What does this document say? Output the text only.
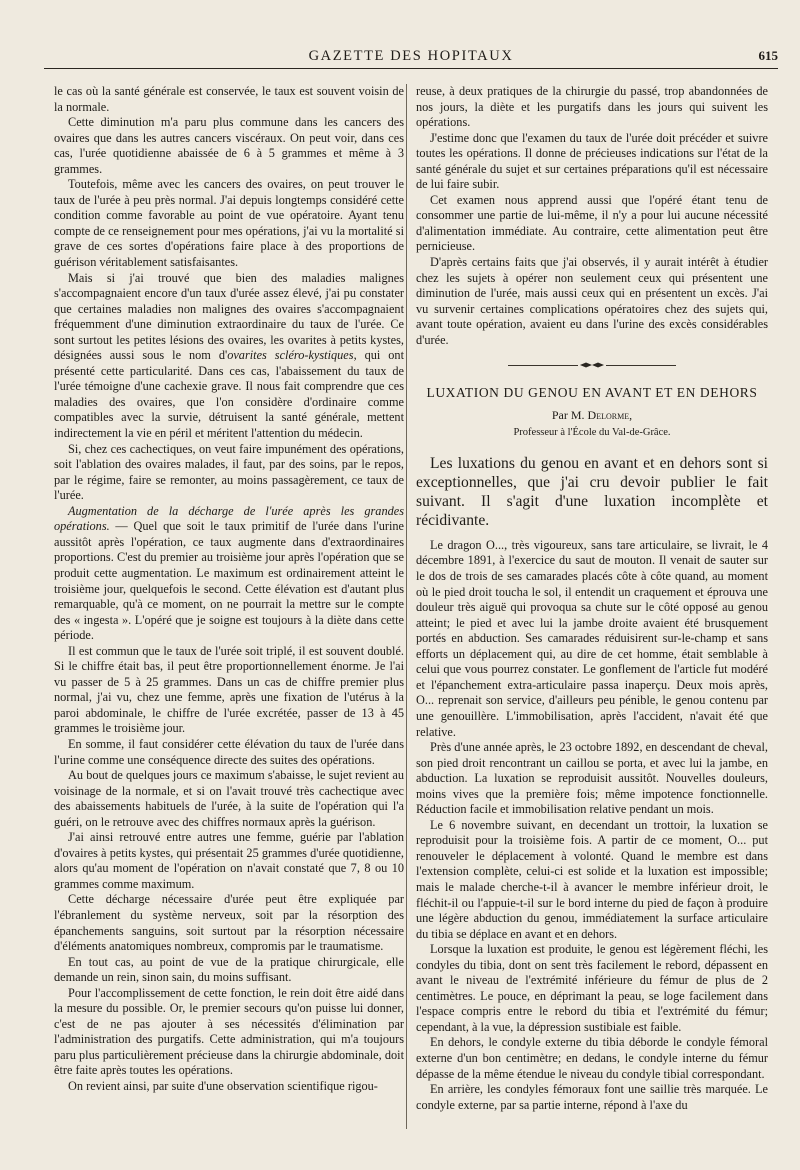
GAZETTE DES HOPITAUX	615

le cas où la santé générale est conservée, le taux est souvent voisin de la normale.

Cette diminution m'a paru plus commune dans les cancers des ovaires que dans les autres cancers viscéraux. On peut voir, dans ces cas, l'urée quotidienne abaissée de 6 à 5 grammes et même à 3 grammes.

Toutefois, même avec les cancers des ovaires, on peut trouver le taux de l'urée à peu près normal. J'ai depuis longtemps considéré cette condition comme favorable au point de vue opératoire. Ayant tenu compte de ce renseignement pour mes opérations, j'ai vu la mortalité si grave de ces sortes d'opérations faire place à des proportions de guérison véritablement satisfaisantes.

Mais si j'ai trouvé que bien des maladies malignes s'accompagnaient encore d'un taux d'urée assez élevé, j'ai pu constater que certaines maladies non malignes des ovaires s'accompagnaient fréquemment d'une diminution extraordinaire du taux de l'urée. Ce sont surtout les petites lésions des ovaires, les ovarites à petits kystes, désignées aussi sous le nom d'ovarites scléro-kystiques, qui ont présenté cette particularité. Dans ces cas, l'abaissement du taux de l'urée témoigne d'une cachexie grave. Il nous fait comprendre que ces maladies des ovaires, que l'on considère d'ordinaire comme compatibles avec la survie, détruisent la santé générale, mettent indirectement la vie en péril et méritent l'attention du médecin.

Si, chez ces cachectiques, on veut faire impunément des opérations, soit l'ablation des ovaires malades, il faut, par des soins, par le repos, par le régime, faire se remonter, au moins passagèrement, ce taux de l'urée.

Augmentation de la décharge de l'urée après les grandes opérations. — Quel que soit le taux primitif de l'urée dans l'urine aussitôt après l'opération, ce taux augmente dans d'extraordinaires proportions. C'est du premier au troisième jour après l'opération que se produit cette augmentation. Le maximum est ordinairement atteint le troisième jour, quelquefois le second. Cette élévation est d'autant plus remarquable, qu'à ce moment, on ne pourrait la mettre sur le compte des « ingesta ». L'opéré que je soigne est toujours à la diète dans cette période.

Il est commun que le taux de l'urée soit triplé, il est souvent doublé. Si le chiffre était bas, il peut être proportionnellement énorme. Je l'ai vu passer de 5 à 25 grammes. Dans un cas de chiffre premier plus normal, j'ai vu, chez une femme, après une fixation de l'utérus à la paroi abdominale, le chiffre de l'urée excrétée, passer de 13 à 45 grammes le troisième jour.

En somme, il faut considérer cette élévation du taux de l'urée dans l'urine comme une conséquence directe des suites des opérations.

Au bout de quelques jours ce maximum s'abaisse, le sujet revient au voisinage de la normale, et si on l'avait trouvé très cachectique avec des abaissements habituels de l'urée, à la suite de l'opération qui l'a guéri, on le retrouve avec des chiffres normaux après la guérison.

J'ai ainsi retrouvé entre autres une femme, guérie par l'ablation d'ovaires à petits kystes, qui présentait 25 grammes d'urée quotidienne, alors qu'au moment de l'opération on n'avait constaté que 7, 8 ou 10 grammes comme maximum.

Cette décharge nécessaire d'urée peut être expliquée par l'ébranlement du système nerveux, soit par la résorption des épanchements sanguins, soit surtout par la résorption nécessaire d'éléments anatomiques nombreux, compromis par le traumatisme.

En tout cas, au point de vue de la pratique chirurgicale, elle demande un rein, sinon sain, du moins suffisant.

Pour l'accomplissement de cette fonction, le rein doit être aidé dans la mesure du possible. Or, le premier secours qu'on puisse lui donner, c'est de ne pas ajouter à ses nécessités d'élimination par l'administration des purgatifs. Cette administration, qui m'a toujours paru plus particulièrement précieuse dans la chirurgie abdominale, doit être faite après toutes les opérations.

On revient ainsi, par suite d'une observation scientifique rigou-

reuse, à deux pratiques de la chirurgie du passé, trop abandonnées de nos jours, la diète et les purgatifs dans les jours qui suivent les opérations.

J'estime donc que l'examen du taux de l'urée doit précéder et suivre toutes les opérations. Il donne de précieuses indications sur l'état de la santé générale du sujet et sur certaines préparations qu'il est nécessaire de lui faire subir.

Cet examen nous apprend aussi que l'opéré étant tenu de consommer une partie de lui-même, il n'y a pour lui aucune nécessité d'alimentation immédiate. Au contraire, cette alimentation peut être pernicieuse.

D'après certains faits que j'ai observés, il y aurait intérêt à étudier chez les sujets à opérer non seulement ceux qui présentent une diminution de l'urée, mais aussi ceux qui en présentent un excès. J'ai vu survenir certaines complications opératoires chez des sujets qui, avant toute opération, avaient eu dans l'urine des excès considérables d'urée.

LUXATION DU GENOU EN AVANT ET EN DEHORS
Par M. Delorme,
Professeur à l'École du Val-de-Grâce.

Les luxations du genou en avant et en dehors sont si exceptionnelles, que j'ai cru devoir publier le fait suivant. Il s'agit d'une luxation incomplète et récidivante.

Le dragon O..., très vigoureux, sans tare articulaire, se livrait, le 4 décembre 1891, à l'exercice du saut de mouton. Il venait de sauter sur le dos de trois de ses camarades placés côte à côte quand, au moment où le pied droit toucha le sol, il entendit un craquement et éprouva une douleur très aiguë qui provoqua sa chute sur le côté opposé au genou atteint; le pied et avec lui la jambe droite avaient été brusquement portés en abduction. Ses camarades réduisirent sur-le-champ et sans efforts un déplacement qui, au dire de cet homme, était semblable à celui que vous pourrez constater. Le gonflement de l'article fut modéré et l'épanchement extra-articulaire passa inaperçu. Deux mois après, O... reprenait son service, d'ailleurs peu pénible, le genou contenu par une genouillère. L'immobilisation, après l'accident, n'avait été que relative.

Près d'une année après, le 23 octobre 1892, en descendant de cheval, son pied droit rencontrant un caillou se porta, et avec lui la jambe, en abduction. La luxation se reproduisit aussitôt. Nouvelles douleurs, moins vives que la première fois; même impotence fonctionnelle. Réduction facile et immobilisation relative pendant un mois.

Le 6 novembre suivant, en decendant un trottoir, la luxation se reproduisit pour la troisième fois. A partir de ce moment, O... put renouveler le déplacement à volonté. Quand le membre est dans l'extension complète, celui-ci est solide et la luxation est impossible; mais le malade cherche-t-il à avancer le membre inférieur droit, le fléchit-il ou l'appuie-t-il sur le bord interne du pied de façon à produire une légère abduction du genou, immédiatement la surface articulaire du tibia se déplace en avant et en dehors.

Lorsque la luxation est produite, le genou est légèrement fléchi, les condyles du tibia, dont on sent très facilement le rebord, dépassent en avant le niveau de l'extrémité inférieure du fémur de plus de 2 centimètres. Le pouce, en déprimant la peau, se loge facilement dans l'espace compris entre le rebord du tibia et l'extrémité du fémur; cependant, à la vue, la dépression sustibiale est faible.

En dehors, le condyle externe du tibia déborde le condyle fémoral externe d'un bon centimètre; en dedans, le condyle interne du fémur dépasse de la même étendue le niveau du condyle tibial correspondant.

En arrière, les condyles fémoraux font une saillie très marquée. Le condyle externe, par sa partie interne, répond à l'axe du
